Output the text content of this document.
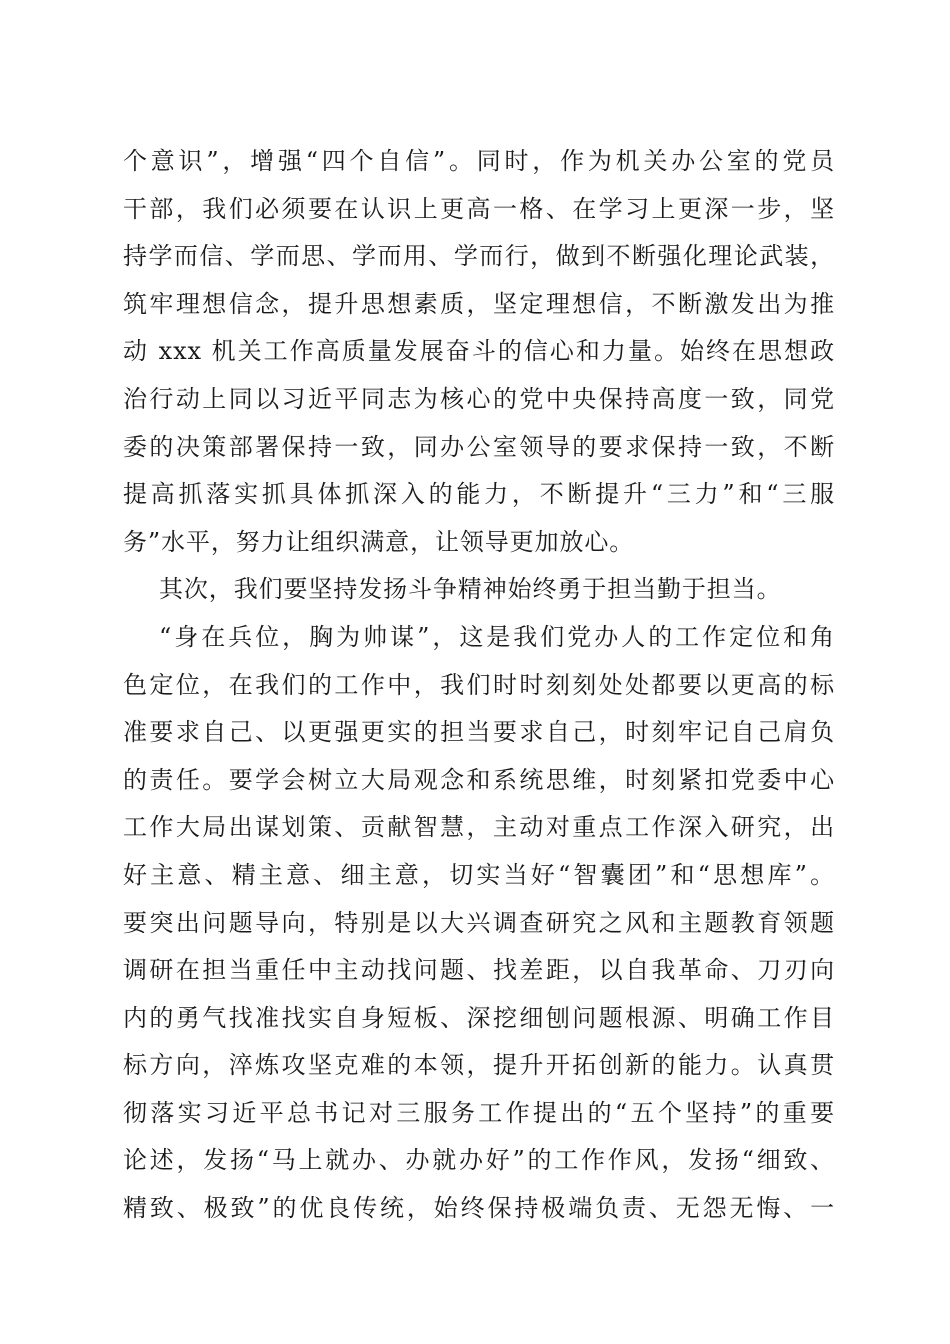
个意识”，增强“四个自信”。同时，作为机关办公室的党员
干部，我们必须要在认识上更高一格、在学习上更深一步，坚
持学而信、学而思、学而用、学而行，做到不断强化理论武装，
筑牢理想信念，提升思想素质，坚定理想信，不断激发出为推
动 xxx 机关工作高质量发展奋斗的信心和力量。始终在思想政
治行动上同以习近平同志为核心的党中央保持高度一致，同党
委的决策部署保持一致，同办公室领导的要求保持一致，不断
提高抓落实抓具体抓深入的能力，不断提升“三力”和“三服
务”水平，努力让组织满意，让领导更加放心。
其次，我们要坚持发扬斗争精神始终勇于担当勤于担当。
“身在兵位，胸为帅谋”，这是我们党办人的工作定位和角
色定位，在我们的工作中，我们时时刻刻处处都要以更高的标
准要求自己、以更强更实的担当要求自己，时刻牢记自己肩负
的责任。要学会树立大局观念和系统思维，时刻紧扣党委中心
工作大局出谋划策、贡献智慧，主动对重点工作深入研究，出
好主意、精主意、细主意，切实当好“智囊团”和“思想库”。
要突出问题导向，特别是以大兴调查研究之风和主题教育领题
调研在担当重任中主动找问题、找差距，以自我革命、刀刃向
内的勇气找准找实自身短板、深挖细刨问题根源、明确工作目
标方向，淬炼攻坚克难的本领，提升开拓创新的能力。认真贯
彻落实习近平总书记对三服务工作提出的“五个坚持”的重要
论述，发扬“马上就办、办就办好”的工作作风，发扬“细致、
精致、极致”的优良传统，始终保持极端负责、无怨无悔、一
